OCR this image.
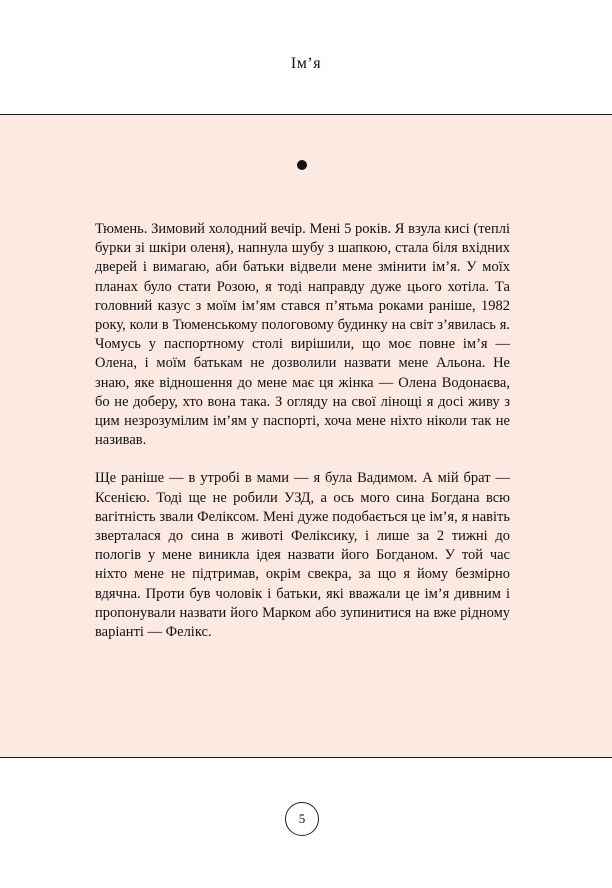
Ім’я

Тюмень. Зимовий холодний вечір. Мені 5 років. Я взула кисі (теплі бурки зі шкіри оленя), напнула шубу з шапкою, стала біля вхідних дверей і вимагаю, аби батьки відвели мене змінити ім’я. У моїх планах було стати Розою, я тоді направду дуже цього хотіла. Та головний казус з моїм ім’ям стався п’ятьма роками раніше, 1982 року, коли в Тюменському пологовому будинку на світ з’явилась я. Чомусь у паспортному столі вирішили, що моє повне ім’я — Олена, і моїм батькам не дозволили назвати мене Альона. Не знаю, яке відношення до мене має ця жінка — Олена Водонаєва, бо не доберу, хто вона така. З огляду на свої лінощі я досі живу з цим незрозумілим ім’ям у паспорті, хоча мене ніхто ніколи так не називав.

Ще раніше — в утробі в мами — я була Вадимом. А мій брат — Ксенією. Тоді ще не робили УЗД, а ось мого сина Богдана всю вагітність звали Феліксом. Мені дуже подобається це ім’я, я навіть зверталася до сина в животі Феліксику, і лише за 2 тижні до пологів у мене виникла ідея назвати його Богданом. У той час ніхто мене не підтримав, окрім свекра, за що я йому безмірно вдячна. Проти був чоловік і батьки, які вважали це ім’я дивним і пропонували назвати його Марком або зупинитися на вже рідному варіанті — Фелікс.

5
